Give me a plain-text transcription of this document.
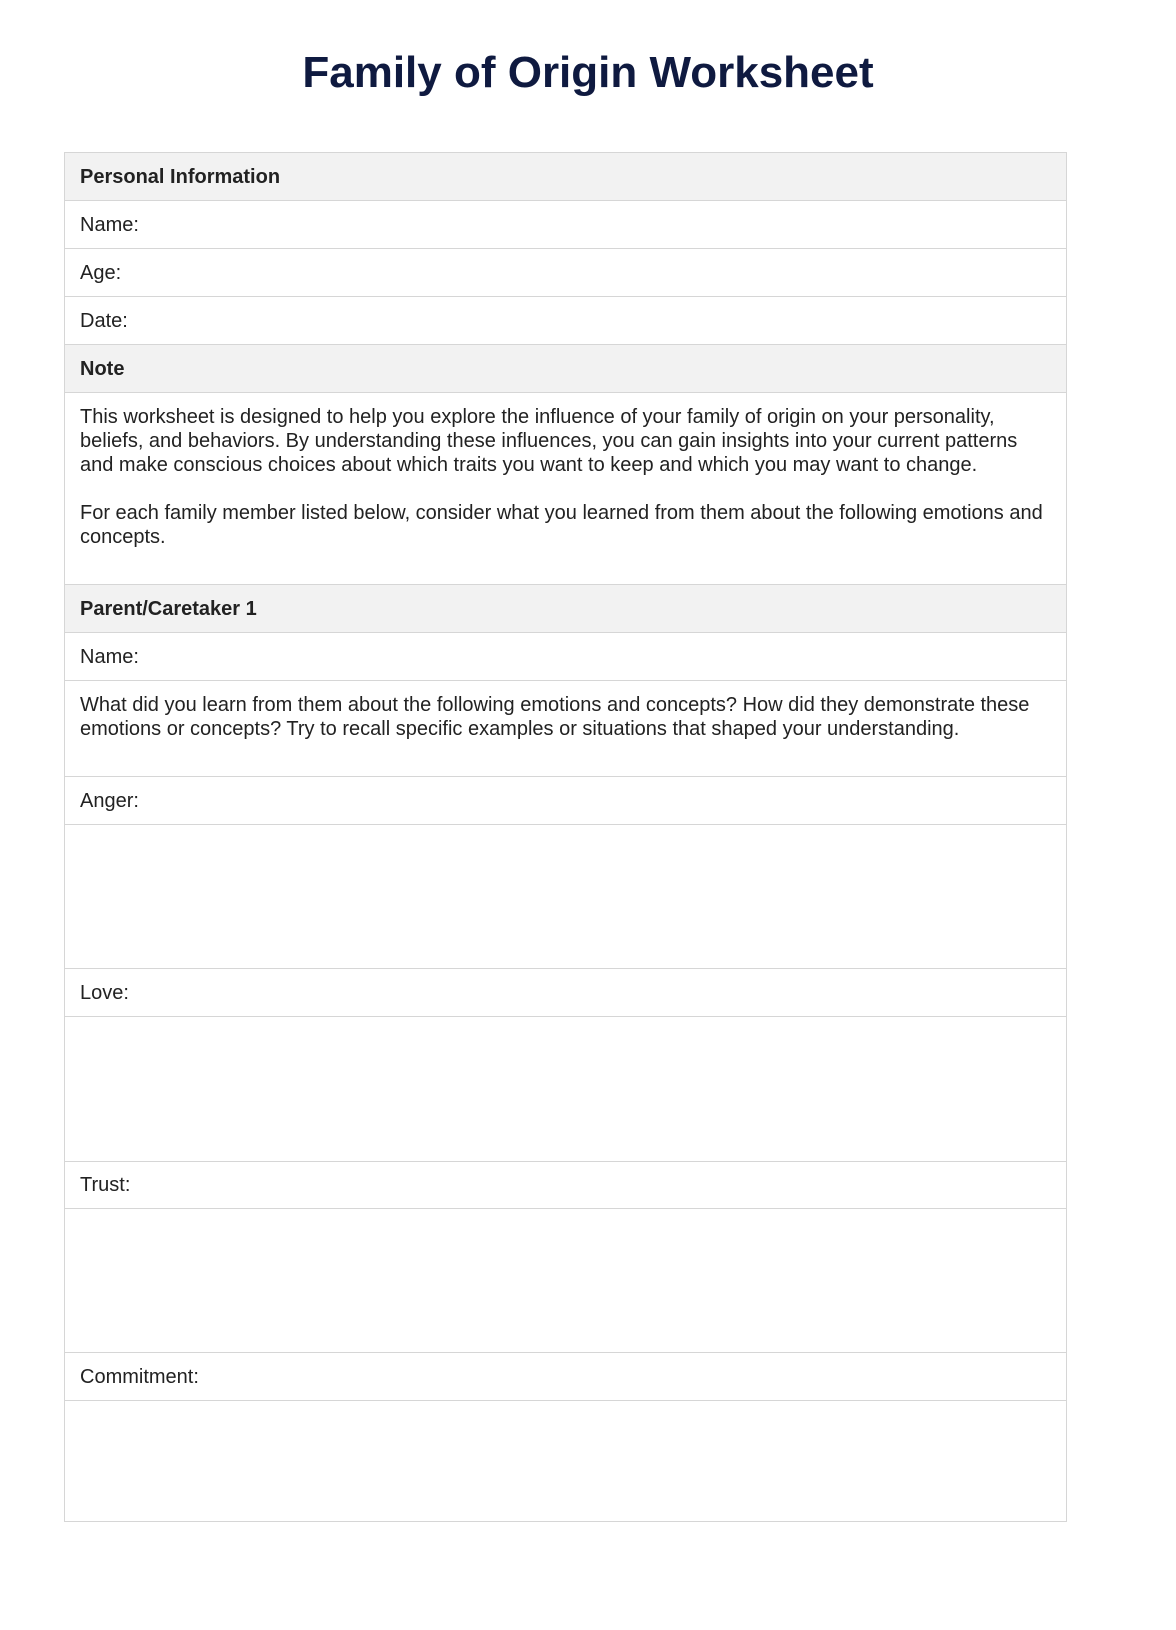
Family of Origin Worksheet
Personal Information
Name:
Age:
Date:
Note

This worksheet is designed to help you explore the influence of your family of origin on your personality, beliefs, and behaviors. By understanding these influences, you can gain insights into your current patterns and make conscious choices about which traits you want to keep and which you may want to change.

For each family member listed below, consider what you learned from them about the following emotions and concepts.

Parent/Caretaker 1
Name:
What did you learn from them about the following emotions and concepts? How did they demonstrate these emotions or concepts? Try to recall specific examples or situations that shaped your understanding.
Anger:
Love:
Trust:
Commitment:
